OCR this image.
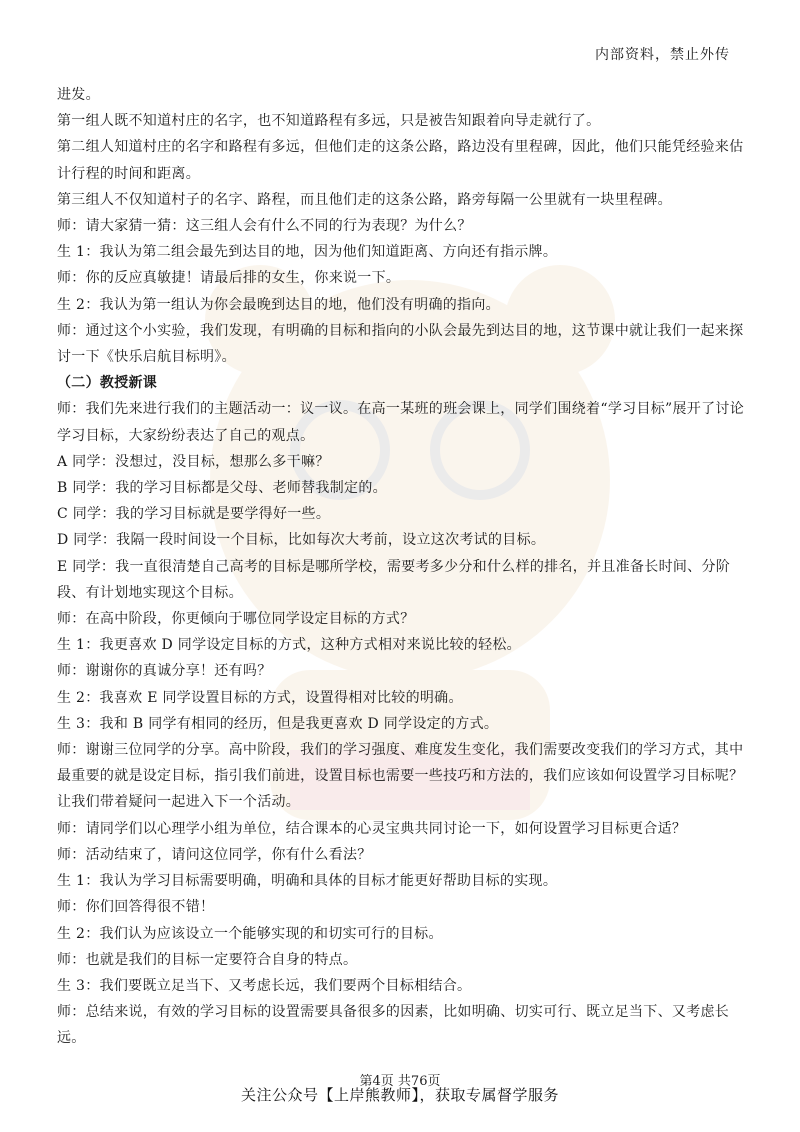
内部资料，禁止外传

进发。

第一组人既不知道村庄的名字，也不知道路程有多远，只是被告知跟着向导走就行了。

第二组人知道村庄的名字和路程有多远，但他们走的这条公路，路边没有里程碑，因此，他们只能凭经验来估计行程的时间和距离。

第三组人不仅知道村子的名字、路程，而且他们走的这条公路，路旁每隔一公里就有一块里程碑。

师：请大家猜一猜：这三组人会有什么不同的行为表现？为什么？

生 1：我认为第二组会最先到达目的地，因为他们知道距离、方向还有指示牌。

师：你的反应真敏捷！请最后排的女生，你来说一下。

生 2：我认为第一组认为你会最晚到达目的地，他们没有明确的指向。

师：通过这个小实验，我们发现，有明确的目标和指向的小队会最先到达目的地，这节课中就让我们一起来探讨一下《快乐启航目标明》。

（二）教授新课

师：我们先来进行我们的主题活动一：议一议。在高一某班的班会课上，同学们围绕着“学习目标”展开了讨论学习目标，大家纷纷表达了自己的观点。

A 同学：没想过，没目标，想那么多干嘛？

B 同学：我的学习目标都是父母、老师替我制定的。

C 同学：我的学习目标就是要学得好一些。

D 同学：我隔一段时间设一个目标，比如每次大考前，设立这次考试的目标。

E 同学：我一直很清楚自己高考的目标是哪所学校，需要考多少分和什么样的排名，并且准备长时间、分阶段、有计划地实现这个目标。

师：在高中阶段，你更倾向于哪位同学设定目标的方式？

生 1：我更喜欢 D 同学设定目标的方式，这种方式相对来说比较的轻松。

师：谢谢你的真诚分享！还有吗？

生 2：我喜欢 E 同学设置目标的方式，设置得相对比较的明确。

生 3：我和 B 同学有相同的经历，但是我更喜欢 D 同学设定的方式。

师：谢谢三位同学的分享。高中阶段，我们的学习强度、难度发生变化，我们需要改变我们的学习方式，其中最重要的就是设定目标，指引我们前进，设置目标也需要一些技巧和方法的，我们应该如何设置学习目标呢？让我们带着疑问一起进入下一个活动。

师：请同学们以心理学小组为单位，结合课本的心灵宝典共同讨论一下，如何设置学习目标更合适？

师：活动结束了，请问这位同学，你有什么看法？

生 1：我认为学习目标需要明确，明确和具体的目标才能更好帮助目标的实现。

师：你们回答得很不错！

生 2：我们认为应该设立一个能够实现的和切实可行的目标。

师：也就是我们的目标一定要符合自身的特点。

生 3：我们要既立足当下、又考虑长远，我们要两个目标相结合。

师：总结来说，有效的学习目标的设置需要具备很多的因素，比如明确、切实可行、既立足当下、又考虑长远。

第4页 共76页
关注公众号【上岸熊教师】，获取专属督学服务
